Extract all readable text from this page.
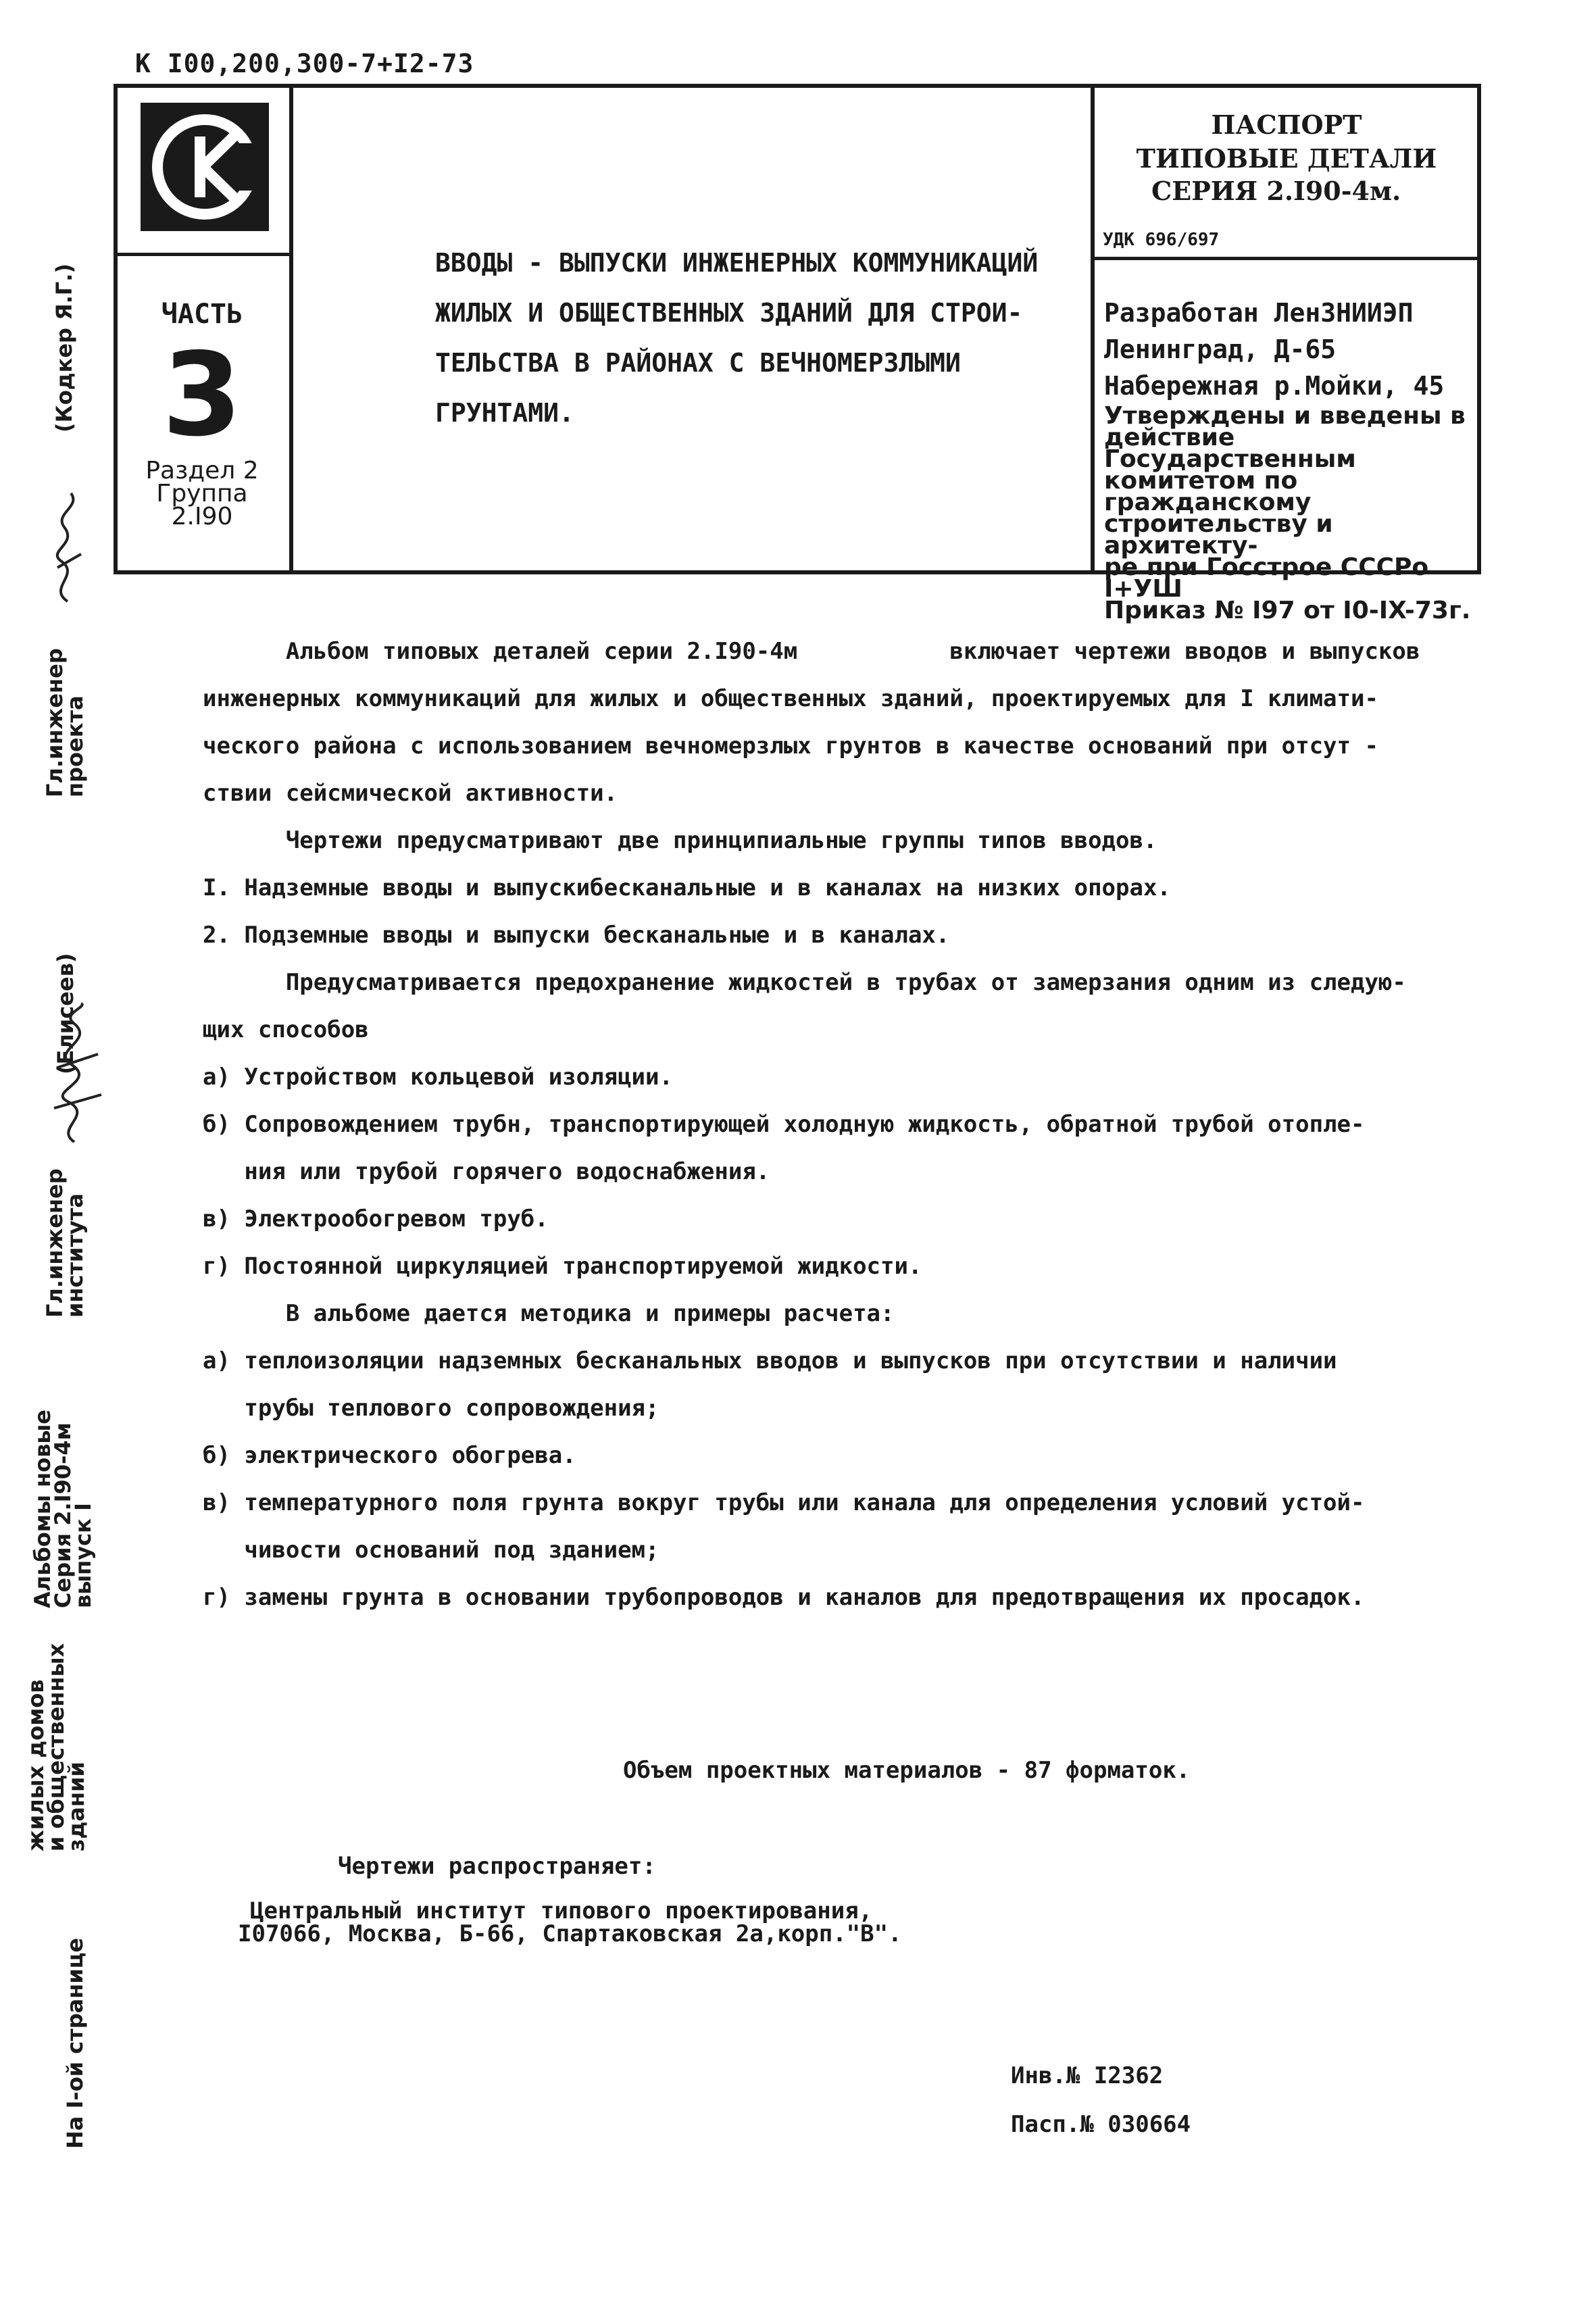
К I00,200,300-7+I2-73
ЧАСТЬ
3
Раздел 2
Группа
2.I90
ВВОДЫ - ВЫПУСКИ ИНЖЕНЕРНЫХ КОММУНИКАЦИЙ
ЖИЛЫХ И ОБЩЕСТВЕННЫХ ЗДАНИЙ ДЛЯ СТРОИ-
ТЕЛЬСТВА В РАЙОНАХ С ВЕЧНОМЕРЗЛЫМИ
ГРУНТАМИ.
ПАСПОРТ
ТИПОВЫЕ ДЕТАЛИ
СЕРИЯ 2.I90-4м.
УДК 696/697
Разработан ЛенЗНИИЭП
Ленинград, Д-65
Набережная р.Мойки, 45
Утверждены и введены в
действие Государственным
комитетом по гражданскому
строительству и архитекту-
ре при Госстрое СССРо I+УШ
Приказ № I97 от I0-IX-73г.
Альбом типовых деталей серии 2.I90-4м           включает чертежи вводов и выпусков
инженерных коммуникаций для жилых и общественных зданий, проектируемых для I климати-
ческого района с использованием вечномерзлых грунтов в качестве оснований при отсут -
ствии сейсмической активности.
Чертежи предусматривают две принципиальные группы типов вводов.
I. Надземные вводы и выпускибесканальные и в каналах на низких опорах.
2. Подземные вводы и выпуски бесканальные и в каналах.
Предусматривается предохранение жидкостей в трубах от замерзания одним из следую-
щих способов
а) Устройством кольцевой изоляции.
б) Сопровождением трубн, транспортирующей холодную жидкость, обратной трубой отопле-
ния или трубой горячего водоснабжения.
в) Электрообогревом труб.
г) Постоянной циркуляцией транспортируемой жидкости.
В альбоме дается методика и примеры расчета:
а) теплоизоляции надземных бесканальных вводов и выпусков при отсутствии и наличии
трубы теплового сопровождения;
б) электрического обогрева.
в) температурного поля грунта вокруг трубы или канала для определения условий устой-
чивости оснований под зданием;
г) замены грунта в основании трубопроводов и каналов для предотвращения их просадок.
Объем проектных материалов - 87 форматок.
Чертежи распространяет:
Центральный институт типового проектирования,
I07066, Москва, Б-66, Спартаковская 2а,корп."В".
Инв.№ I2362
Пасп.№ 030664
(Кодкер Я.Г.)
Гл.инженер
проекта
(Елисеев)
Гл.инженер
института
Альбомы новые
Серия 2.I90-4м
выпуск I
жилых домов
и общественных
зданий
На I-ой странице
